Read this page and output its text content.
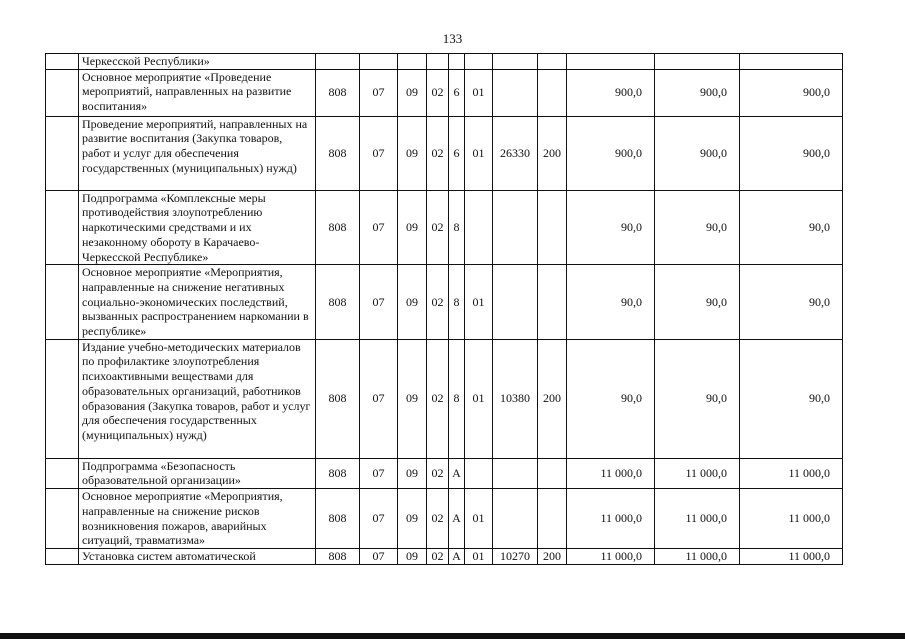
133
	Черкесской Республики»											
	Основное мероприятие «Проведение мероприятий, направленных на развитие воспитания»	808	07	09	02	6	01			900,0	900,0	900,0
	Проведение мероприятий, направленных на развитие воспитания (Закупка товаров, работ и услуг для обеспечения государственных (муниципальных) нужд)	808	07	09	02	6	01	26330	200	900,0	900,0	900,0
	Подпрограмма «Комплексные меры противодействия злоупотреблению наркотическими средствами и их незаконному обороту в Карачаево-Черкесской Республике»	808	07	09	02	8				90,0	90,0	90,0
	Основное мероприятие «Мероприятия, направленные на снижение негативных социально-экономических последствий, вызванных распространением наркомании в республике»	808	07	09	02	8	01			90,0	90,0	90,0
	Издание учебно-методических материалов по профилактике злоупотребления психоактивными веществами для образовательных организаций, работников образования (Закупка товаров, работ и услуг для обеспечения государственных (муниципальных) нужд)	808	07	09	02	8	01	10380	200	90,0	90,0	90,0
	Подпрограмма «Безопасность образовательной организации»	808	07	09	02	А				11 000,0	11 000,0	11 000,0
	Основное мероприятие «Мероприятия, направленные на снижение рисков возникновения пожаров, аварийных ситуаций, травматизма»	808	07	09	02	А	01			11 000,0	11 000,0	11 000,0
	Установка систем автоматической	808	07	09	02	А	01	10270	200	11 000,0	11 000,0	11 000,0
